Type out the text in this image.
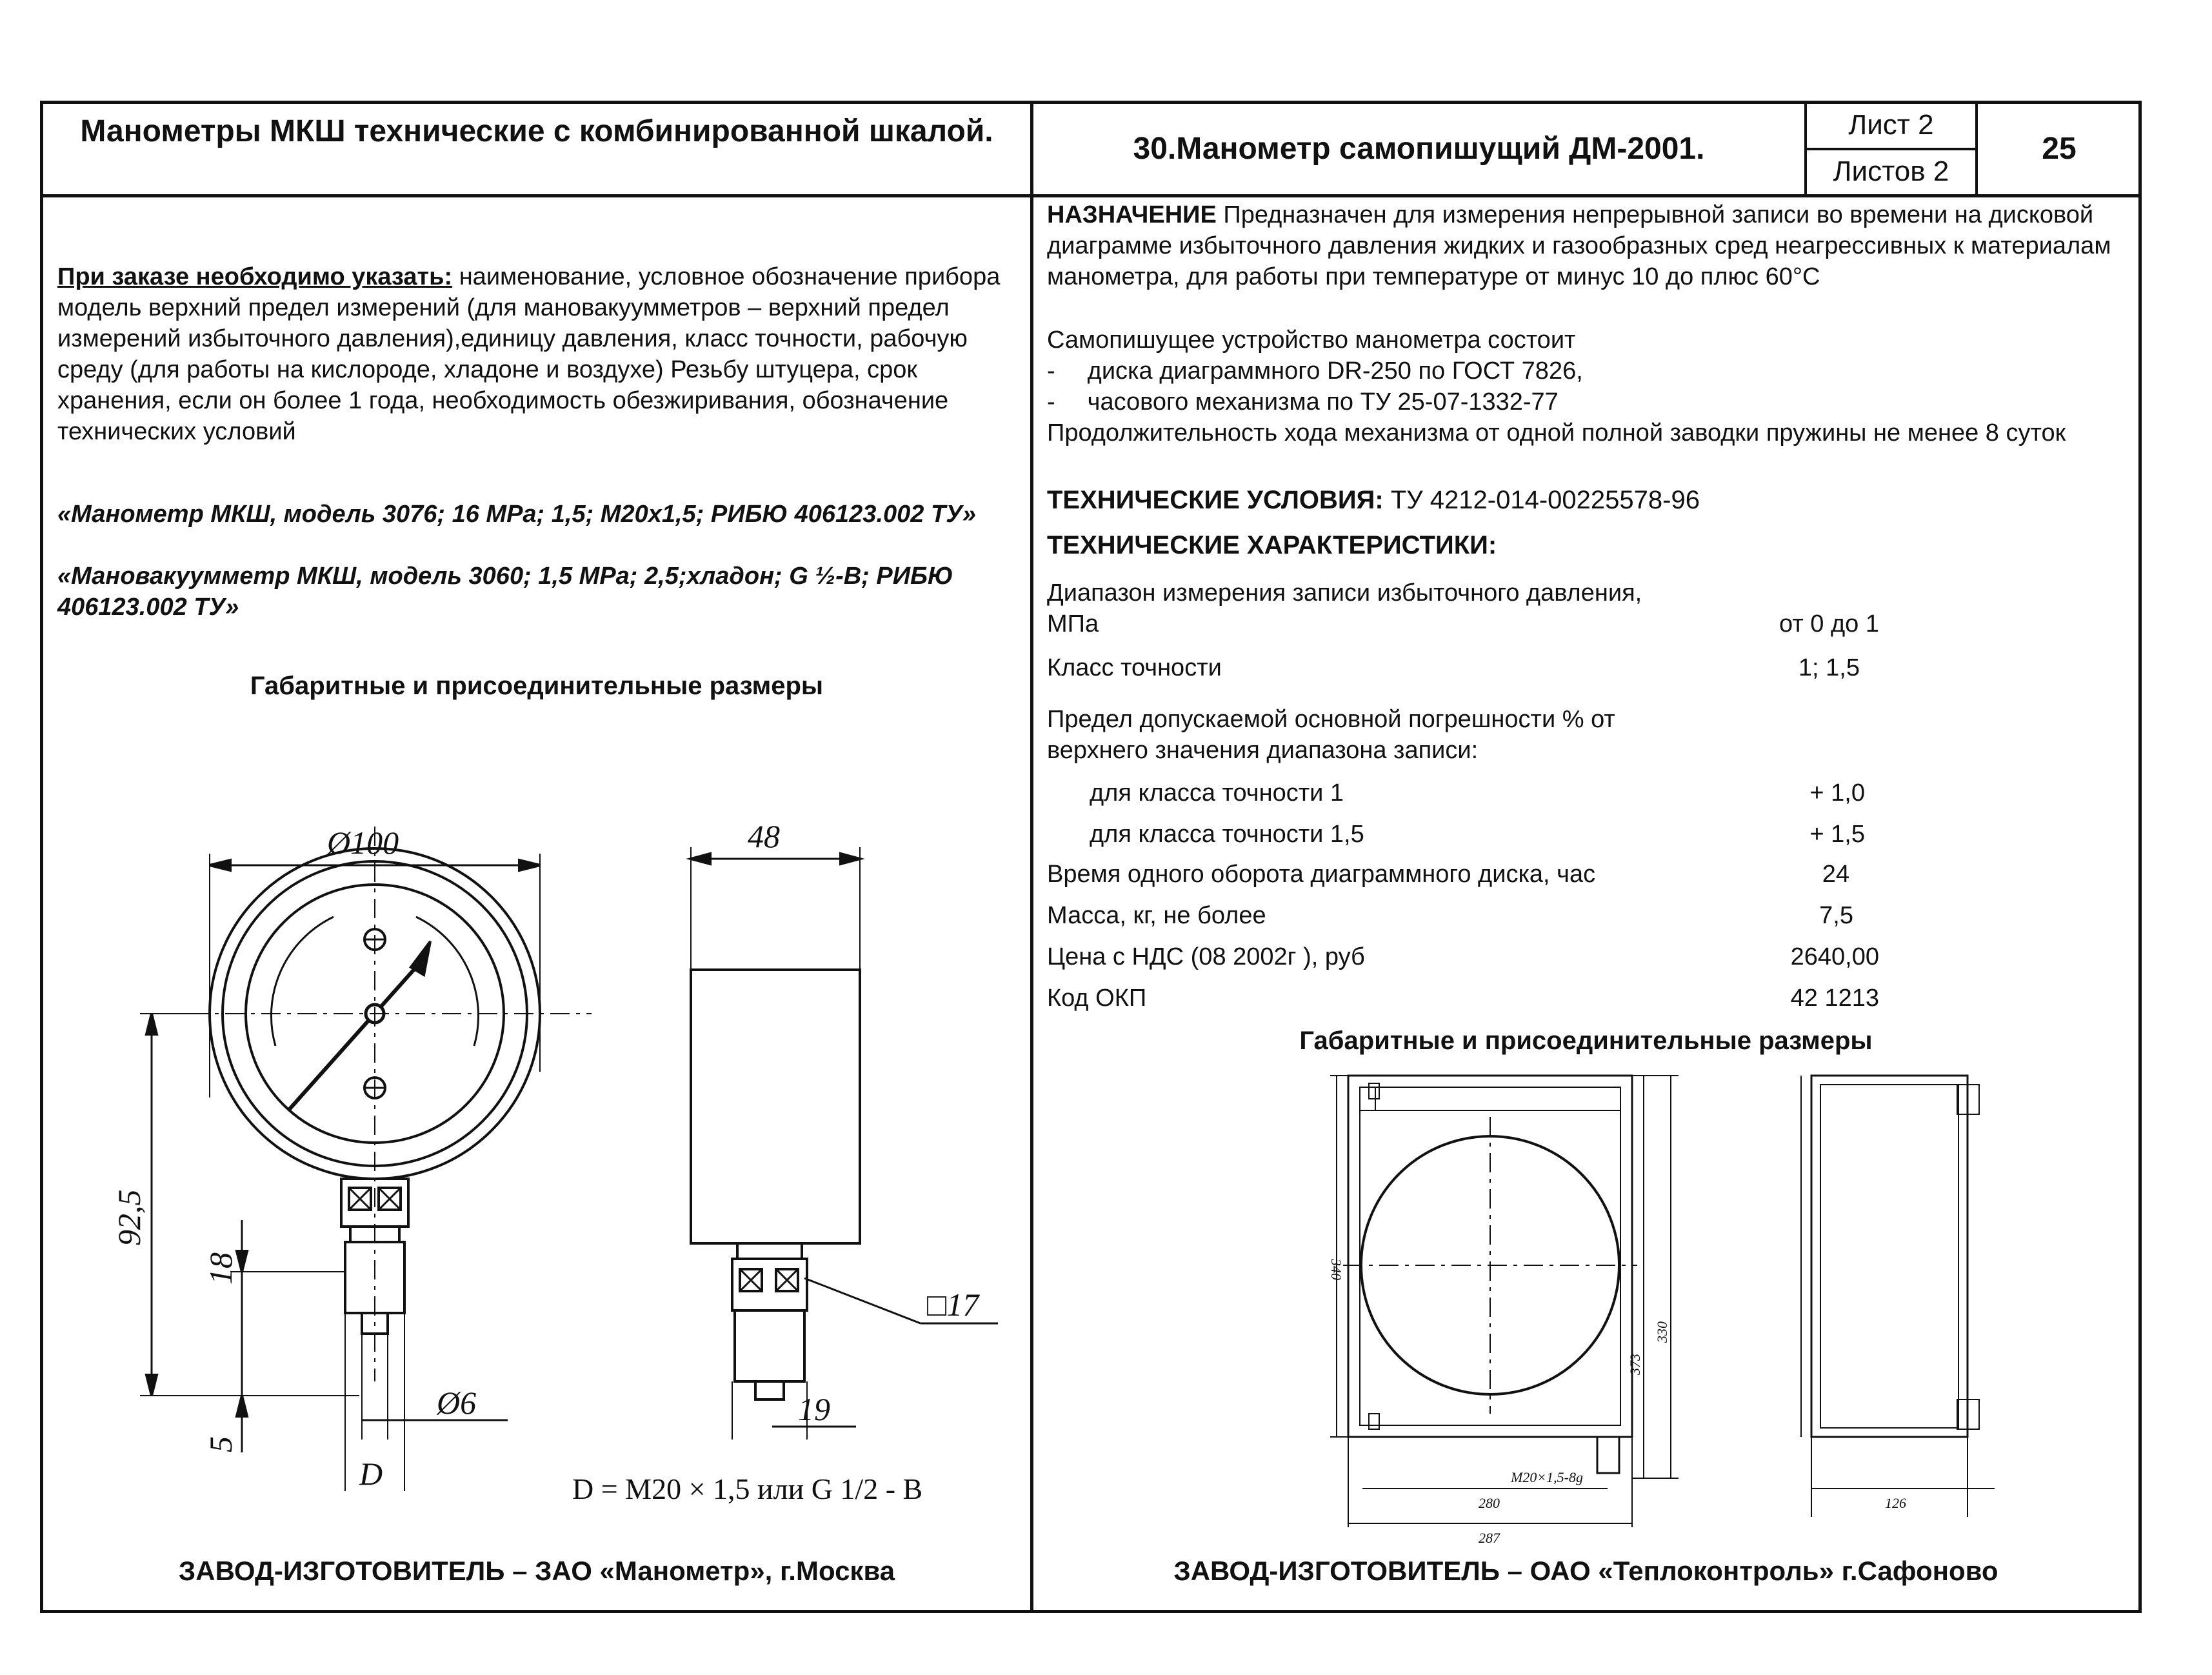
Манометры МКШ технические с комбинированной шкалой.
30.Манометр самопишущий ДМ-2001.
Лист 2
Листов 2
25
При заказе необходимо указать: наименование, условное обозначение прибора модель верхний предел измерений (для мановакуумметров – верхний предел измерений избыточного давления),единицу давления, класс точности, рабочую среду (для работы на кислороде, хладоне и воздухе) Резьбу штуцера, срок хранения, если он более 1 года, необходимость обезжиривания, обозначение технических условий
«Манометр МКШ, модель 3076; 16 МРа; 1,5; М20х1,5; РИБЮ 406123.002 ТУ»
«Мановакуумметр МКШ, модель 3060; 1,5 МРа; 2,5;хладон; G ½-В; РИБЮ 406123.002 ТУ»
Габаритные и присоединительные размеры
Ø100	48
92,5
18
5
Ø6
D
□17
19
D = M20 × 1,5 или G 1/2 - B
ЗАВОД-ИЗГОТОВИТЕЛЬ – ЗАО «Манометр», г.Москва
НАЗНАЧЕНИЕ Предназначен для измерения непрерывной записи во времени на дисковой диаграмме избыточного давления жидких и газообразных сред неагрессивных к материалам манометра, для работы при температуре от минус 10 до плюс 60°С
Самопишущее устройство манометра состоит
- диска диаграммного DR-250 по ГОСТ 7826,
- часового механизма по ТУ 25-07-1332-77
Продолжительность хода механизма от одной полной заводки пружины не менее 8 суток
ТЕХНИЧЕСКИЕ УСЛОВИЯ: ТУ 4212-014-00225578-96
ТЕХНИЧЕСКИЕ ХАРАКТЕРИСТИКИ:
Диапазон измерения записи избыточного давления, МПа	от 0 до 1
Класс точности	1; 1,5
Предел допускаемой основной погрешности % от верхнего значения диапазона записи:
для класса точности 1	+ 1,0
для класса точности 1,5	+ 1,5
Время одного оборота диаграммного диска, час	24
Масса, кг, не более	7,5
Цена с НДС (08 2002г ), руб	2640,00
Код ОКП	42 1213
Габаритные и присоединительные размеры
340
373
330
280
M20×1,5-8g
287
126
ЗАВОД-ИЗГОТОВИТЕЛЬ – ОАО «Теплоконтроль» г.Сафоново
